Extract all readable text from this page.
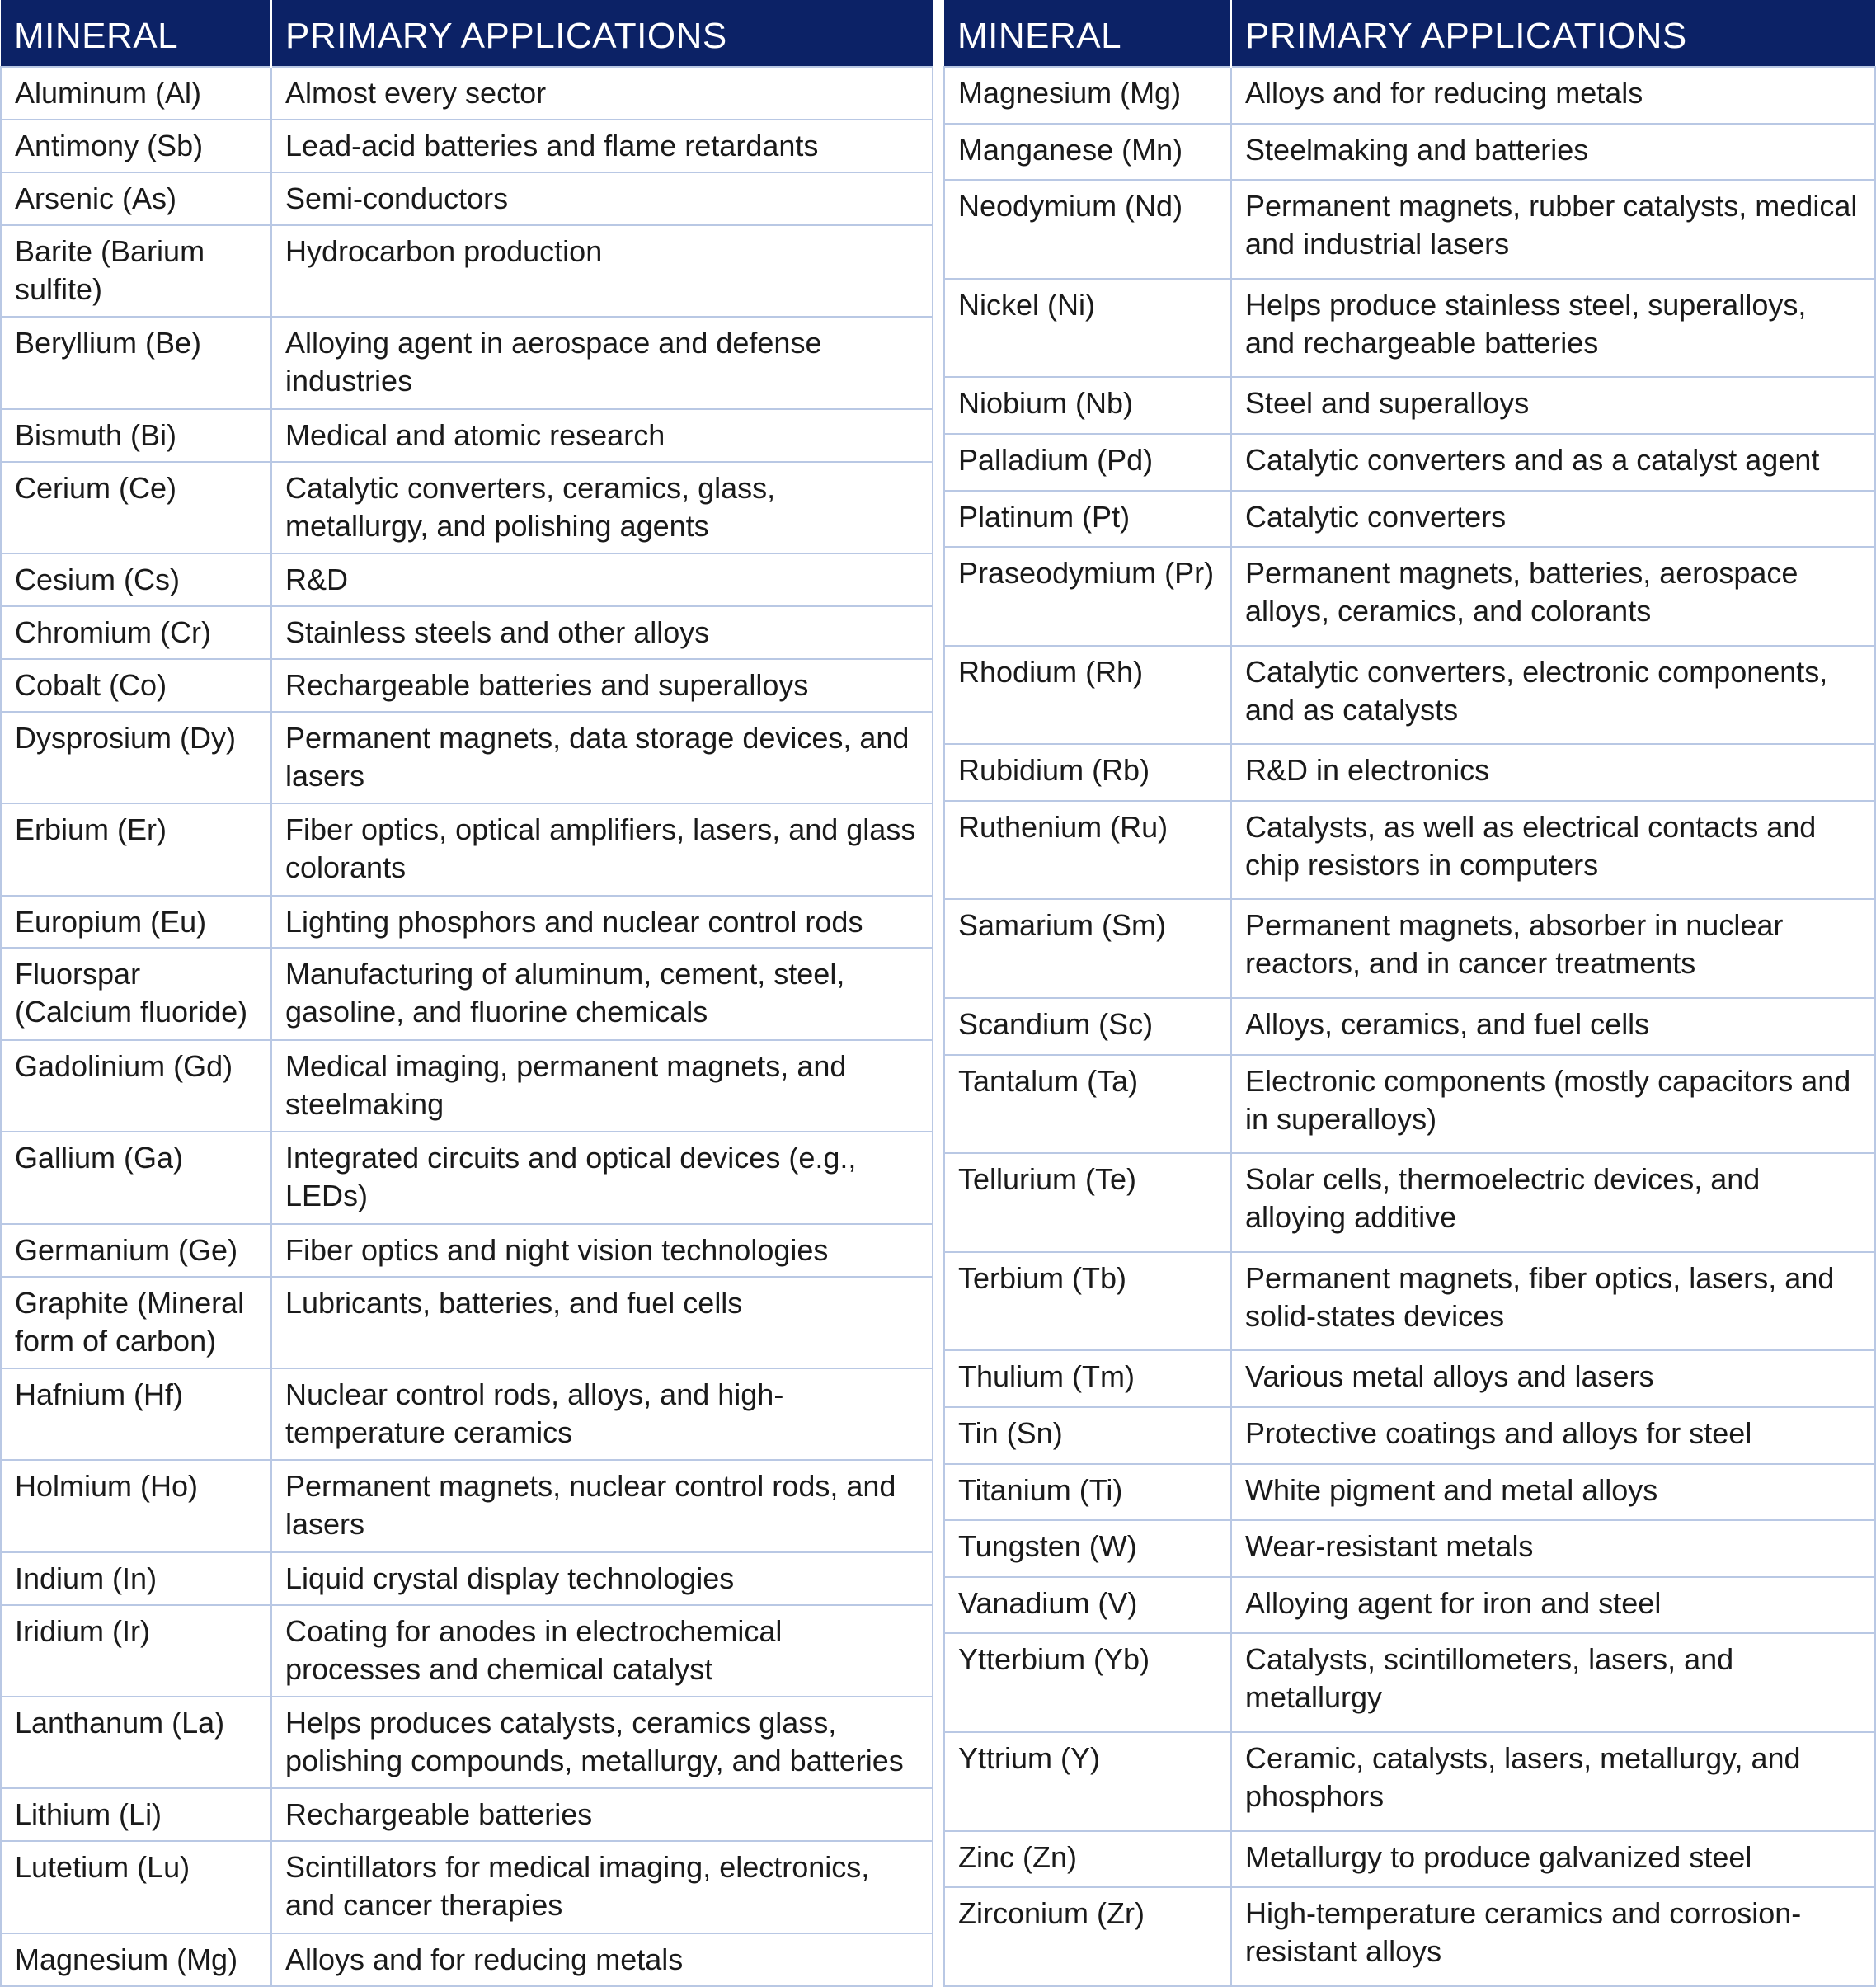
MINERAL	PRIMARY APPLICATIONS
Aluminum (Al)	Almost every sector
Antimony (Sb)	Lead-acid batteries and flame retardants
Arsenic (As)	Semi-conductors
Barite (Barium sulfite)	Hydrocarbon production
Beryllium (Be)	Alloying agent in aerospace and defense industries
Bismuth (Bi)	Medical and atomic research
Cerium (Ce)	Catalytic converters, ceramics, glass, metallurgy, and polishing agents
Cesium (Cs)	R&D
Chromium (Cr)	Stainless steels and other alloys
Cobalt (Co)	Rechargeable batteries and superalloys
Dysprosium (Dy)	Permanent magnets, data storage devices, and lasers
Erbium (Er)	Fiber optics, optical amplifiers, lasers, and glass colorants
Europium (Eu)	Lighting phosphors and nuclear control rods
Fluorspar (Calcium fluoride)	Manufacturing of aluminum, cement, steel, gasoline, and fluorine chemicals
Gadolinium (Gd)	Medical imaging, permanent magnets, and steelmaking
Gallium (Ga)	Integrated circuits and optical devices (e.g., LEDs)
Germanium (Ge)	Fiber optics and night vision technologies
Graphite (Mineral form of carbon)	Lubricants, batteries, and fuel cells
Hafnium (Hf)	Nuclear control rods, alloys, and high-temperature ceramics
Holmium (Ho)	Permanent magnets, nuclear control rods, and lasers
Indium (In)	Liquid crystal display technologies
Iridium (Ir)	Coating for anodes in electrochemical processes and chemical catalyst
Lanthanum (La)	Helps produces catalysts, ceramics glass, polishing compounds, metallurgy, and batteries
Lithium (Li)	Rechargeable batteries
Lutetium (Lu)	Scintillators for medical imaging, electronics, and cancer therapies
Magnesium (Mg)	Alloys and for reducing metals
MINERAL	PRIMARY APPLICATIONS
Magnesium (Mg)	Alloys and for reducing metals
Manganese (Mn)	Steelmaking and batteries
Neodymium (Nd)	Permanent magnets, rubber catalysts, medical and industrial lasers
Nickel (Ni)	Helps produce stainless steel, superalloys, and rechargeable batteries
Niobium (Nb)	Steel and superalloys
Palladium (Pd)	Catalytic converters and as a catalyst agent
Platinum (Pt)	Catalytic converters
Praseodymium (Pr)	Permanent magnets, batteries, aerospace alloys, ceramics, and colorants
Rhodium (Rh)	Catalytic converters, electronic components, and as catalysts
Rubidium (Rb)	R&D in electronics
Ruthenium (Ru)	Catalysts, as well as electrical contacts and chip resistors in computers
Samarium (Sm)	Permanent magnets, absorber in nuclear reactors, and in cancer treatments
Scandium (Sc)	Alloys, ceramics, and fuel cells
Tantalum (Ta)	Electronic components (mostly capacitors and in superalloys)
Tellurium (Te)	Solar cells, thermoelectric devices, and alloying additive
Terbium (Tb)	Permanent magnets, fiber optics, lasers, and solid-states devices
Thulium (Tm)	Various metal alloys and lasers
Tin (Sn)	Protective coatings and alloys for steel
Titanium (Ti)	White pigment and metal alloys
Tungsten (W)	Wear-resistant metals
Vanadium (V)	Alloying agent for iron and steel
Ytterbium (Yb)	Catalysts, scintillometers, lasers, and metallurgy
Yttrium (Y)	Ceramic, catalysts, lasers, metallurgy, and phosphors
Zinc (Zn)	Metallurgy to produce galvanized steel
Zirconium (Zr)	High-temperature ceramics and corrosion-resistant alloys
